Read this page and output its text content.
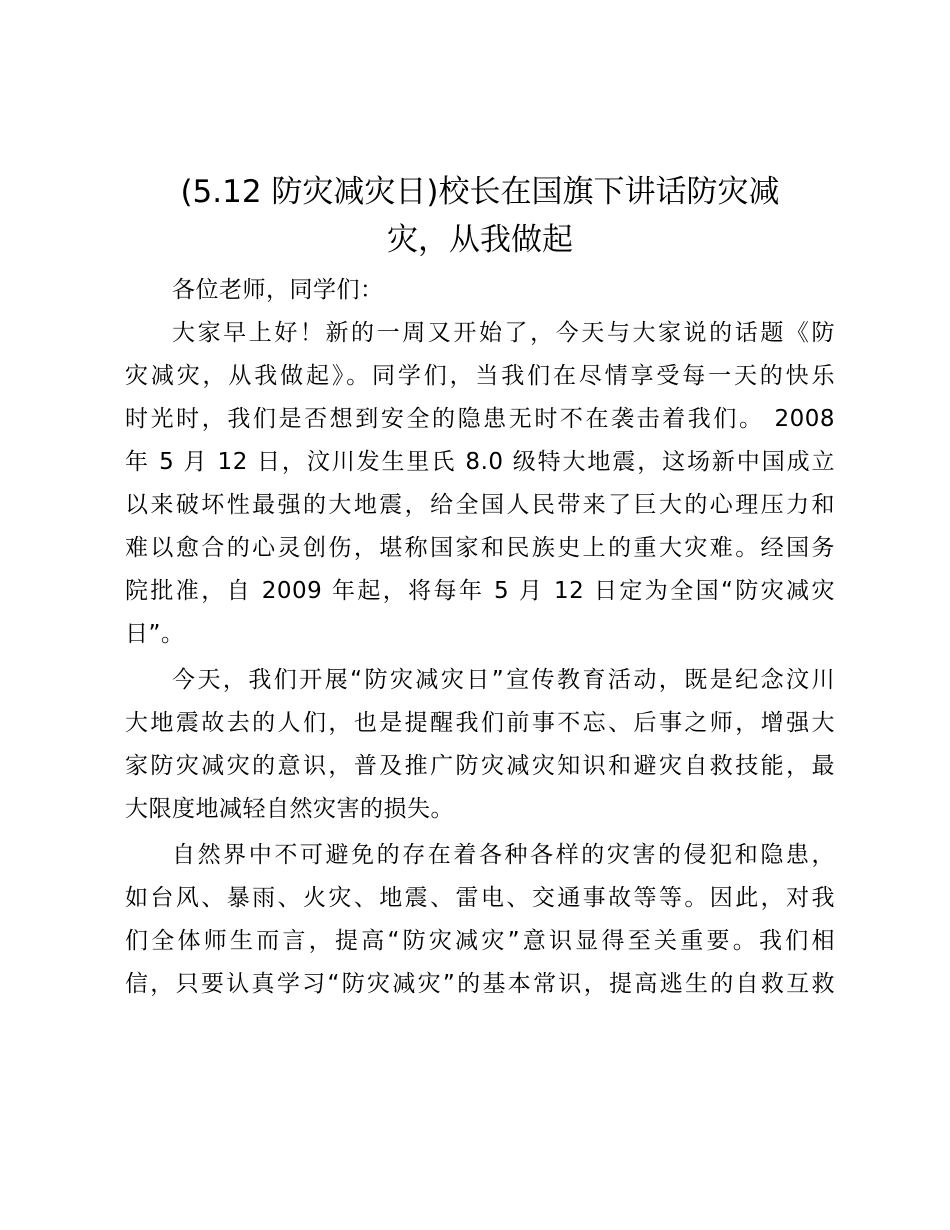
(5.12 防灾减灾日)校长在国旗下讲话防灾减
灾，从我做起
各位老师，同学们：
大家早上好！新的一周又开始了，今天与大家说的话题《防
灾减灾，从我做起》。同学们，当我们在尽情享受每一天的快乐
时光时，我们是否想到安全的隐患无时不在袭击着我们。 2008
年 5 月 12 日，汶川发生里氏 8.0 级特大地震，这场新中国成立
以来破坏性最强的大地震，给全国人民带来了巨大的心理压力和
难以愈合的心灵创伤，堪称国家和民族史上的重大灾难。经国务
院批准，自 2009 年起，将每年 5 月 12 日定为全国“防灾减灾
日”。
今天，我们开展“防灾减灾日”宣传教育活动，既是纪念汶川
大地震故去的人们，也是提醒我们前事不忘、后事之师，增强大
家防灾减灾的意识，普及推广防灾减灾知识和避灾自救技能，最
大限度地减轻自然灾害的损失。
自然界中不可避免的存在着各种各样的灾害的侵犯和隐患，
如台风、暴雨、火灾、地震、雷电、交通事故等等。因此，对我
们全体师生而言，提高“防灾减灾”意识显得至关重要。我们相
信，只要认真学习“防灾减灾”的基本常识，提高逃生的自救互救
